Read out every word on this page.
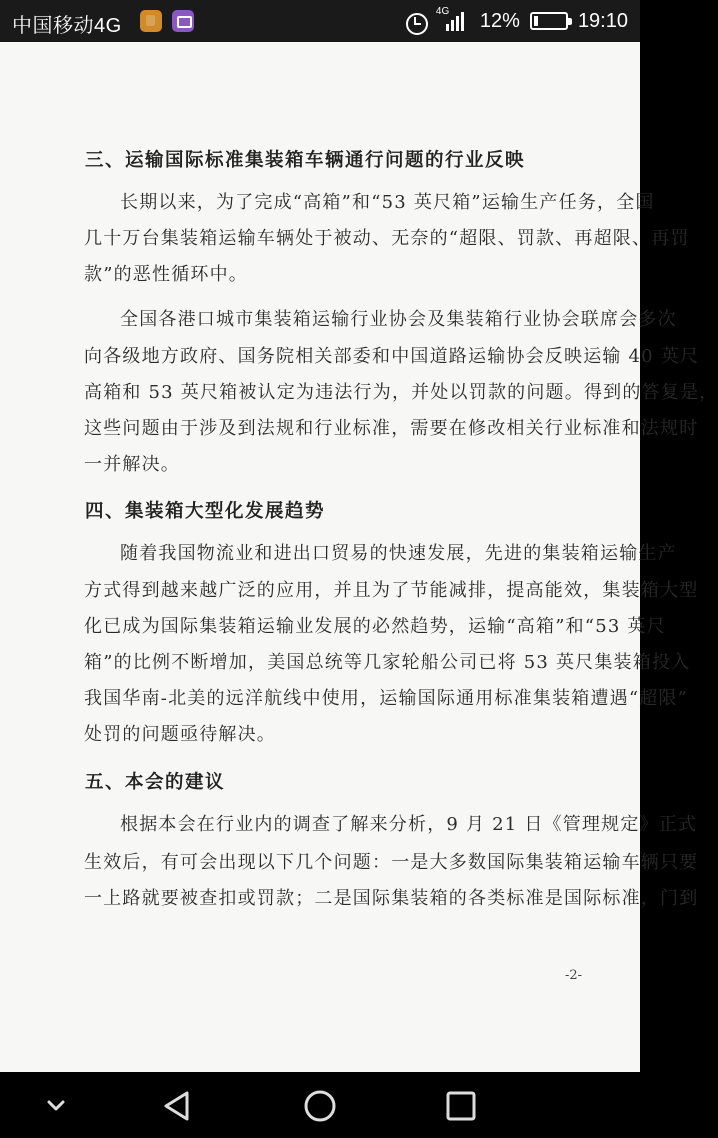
中国移动4G
4G 12%	19:10
三、运输国际标准集装箱车辆通行问题的行业反映
长期以来，为了完成“高箱”和“53 英尺箱”运输生产任务，全国
几十万台集装箱运输车辆处于被动、无奈的“超限、罚款、再超限、再罚
款”的恶性循环中。
全国各港口城市集装箱运输行业协会及集装箱行业协会联席会多次
向各级地方政府、国务院相关部委和中国道路运输协会反映运输 40 英尺
高箱和 53 英尺箱被认定为违法行为，并处以罚款的问题。得到的答复是，
这些问题由于涉及到法规和行业标准，需要在修改相关行业标准和法规时
一并解决。
四、集装箱大型化发展趋势
随着我国物流业和进出口贸易的快速发展，先进的集装箱运输生产
方式得到越来越广泛的应用，并且为了节能减排，提高能效，集装箱大型
化已成为国际集装箱运输业发展的必然趋势，运输“高箱”和“53 英尺
箱”的比例不断增加，美国总统等几家轮船公司已将 53 英尺集装箱投入
我国华南-北美的远洋航线中使用，运输国际通用标准集装箱遭遇“超限”
处罚的问题亟待解决。
五、本会的建议
根据本会在行业内的调查了解来分析，9 月 21 日《管理规定》正式
生效后，有可会出现以下几个问题：一是大多数国际集装箱运输车辆只要
一上路就要被查扣或罚款；二是国际集装箱的各类标准是国际标准，门到
-2-
